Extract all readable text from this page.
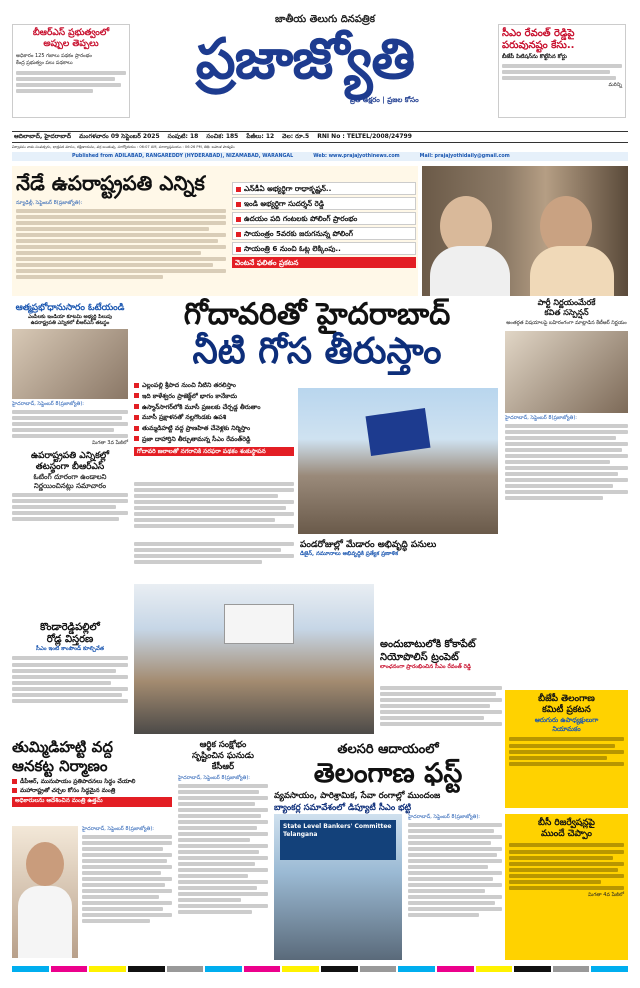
బీఆర్ఎస్ ప్రభుత్వంలో
అప్పుల తెప్పలు
అధికారం 125 గజాలు పథకం ప్రారంభం
కేంద్ర ప్రభుత్వం పలు పథకాలు
జాతీయ తెలుగు దినపత్రిక
ప్రజాజ్యోతి
ప్రతి అక్షరం | ప్రజల కోసం
సీఎం రేవంత్ రెడ్డిపై
పరువునష్టం కేసు..
బీజేపీ పిటిషన్‌ను కొట్టేసిన కోర్టు
మరిన్ని
ఆదిలాబాద్, హైదరాబాద్ మంగళవారం 09 సెప్టెంబర్ 2025 సంపుటి: 18 సంచిక: 185 పేజీలు: 12 వెల: రూ.5 RNI No : TELTEL/2008/24799
విశ్వావసు నామ సంవత్సరం, భాద్రపద మాసం, దక్షిణాయనం, వర్ష ఋతువు, సూర్యోదయం : 06:07 AM, సూర్యాస్తమయం : 06:26 PM, తిథి: బహుళ పాడ్యమి
Published from ADILABAD, RANGAREDDY (HYDERABAD), NIZAMABAD, WARANGAL	Web: www.prajajyothinews.com	Mail: prajajyothidaily@gmail.com
నేడే ఉపరాష్ట్రపతి ఎన్నిక
న్యూఢిల్లీ, సెప్టెంబర్ 8(ప్రజాజ్యోతి):
ఎన్‌డీఏ అభ్యర్థిగా రాధాకృష్ణన్..
ఇండి అభ్యర్థిగా సుదర్శన్ రెడ్డి
ఉదయం పది గంటలకు పోలింగ్ ప్రారంభం
సాయంత్రం 5వరకు జరుగనున్న పోలింగ్
సాయంత్రి 6 నుంచి ఓట్ల లెక్కింపు..
వెంటనే ఫలితం ప్రకటన
ఆత్మప్రభోధానుసారం ఓటేయండి
ఎంపీలకు ఇండియా కూటమి అభ్యర్థి పిలుపు
ఉపరాష్ట్రపతి ఎన్నికలో బీఆర్ఎస్ తటస్థం
హైదరాబాద్, సెప్టెంబర్ 8(ప్రజాజ్యోతి):
మిగతా 3వ పేజీలో
ఉపరాష్ట్రపతి ఎన్నికల్లో
తటస్థంగా బీఆర్ఎస్
ఓటింగ్ దూరంగా ఉండాలని
నిర్ణయించినట్లు సమాచారం
కొండారెడ్డిపల్లిలో
రోడ్ల విస్తరణ
సీఎం ఇంటి కాంపౌండ్ కూల్చివేత
గోదావరితో హైదరాబాద్
నీటి గోస తీరుస్తాం
ఎల్లంపల్లి శ్రీపాద నుంచి నీటిని తరలిస్తాం
ఇది కాళేశ్వరం ప్రాజెక్ట్‌లో భాగం కానేకాదు
ఉస్మాన్‌సాగర్‌లోకి మూసీ ప్రజలకు చేర్చడ్డ తీరుతాం
మూసీ ప్రక్షాళనతో నల్లగొండకు ఉపశి
తుమ్మడిహట్టి వద్ద ప్రాణహిత చేవెళ్లకు నిర్మిస్తాం
ప్రజా దాహార్తిని తీర్చుతామన్న సీఎం రేవంత్‌రెడ్డి
గోదావరి జలాలతో నగరానికి సరఫరా పథకం శంకుస్థాపన
పండరోజుల్లో మేడారం అభివృద్ధి పనులు
డిజైన్, నమూనాలు అభివృద్ధికి ప్రత్యేక ప్రణాళిక
పార్టీ నిర్ణయంమేరకే
కవిత సస్పెన్షన్
అంతర్గత విషయాలపై బహిరంగంగా మాట్లాడిన కేటీఆర్ నిర్ణయం
హైదరాబాద్, సెప్టెంబర్ 8(ప్రజాజ్యోతి):
బీజేపీ తెలంగాణ
కమిటీ ప్రకటన
ఆరుగురు ఉపాధ్యక్షులుగా
నియామకం
బీసీ రిజర్వేషన్లపై
ముందే చెప్పాం
మిగతా 4వ పేజీలో
అందుబాటులోకి కోకాపేట్
నియోపొలిస్ ట్రంపెట్
లాంఛనంగా ప్రారంభించిన సీఎం రేవంత్ రెడ్డి
తుమ్మిడిహట్టి వద్ద
ఆనకట్ట నిర్మాణం
డీపీఆర్, మునుపాయం ప్రతిపాదనలు సిద్ధం చేయాలి
మహారాష్ట్రతో చర్చల కోసం సిద్ధమైన మంత్రి
అధికారులను ఆదేశించిన మంత్రి ఉత్తమ్
హైదరాబాద్, సెప్టెంబర్ 8(ప్రజాజ్యోతి):
ఆర్థిక సంక్షోభం
సృష్టించిన ఘనుడు
కేసీఆర్
హైదరాబాద్, సెప్టెంబర్ 8(ప్రజాజ్యోతి):
తలసరి ఆదాయంలో
తెలంగాణ ఫస్ట్
వ్యవసాయం, పారిశ్రామిక, సేవా రంగాల్లో ముందంజ
బ్యాంకర్ల సమావేశంలో డిప్యూటీ సీఎం భట్టి
State Level Bankers' Committee Telangana
హైదరాబాద్, సెప్టెంబర్ 8(ప్రజాజ్యోతి):
